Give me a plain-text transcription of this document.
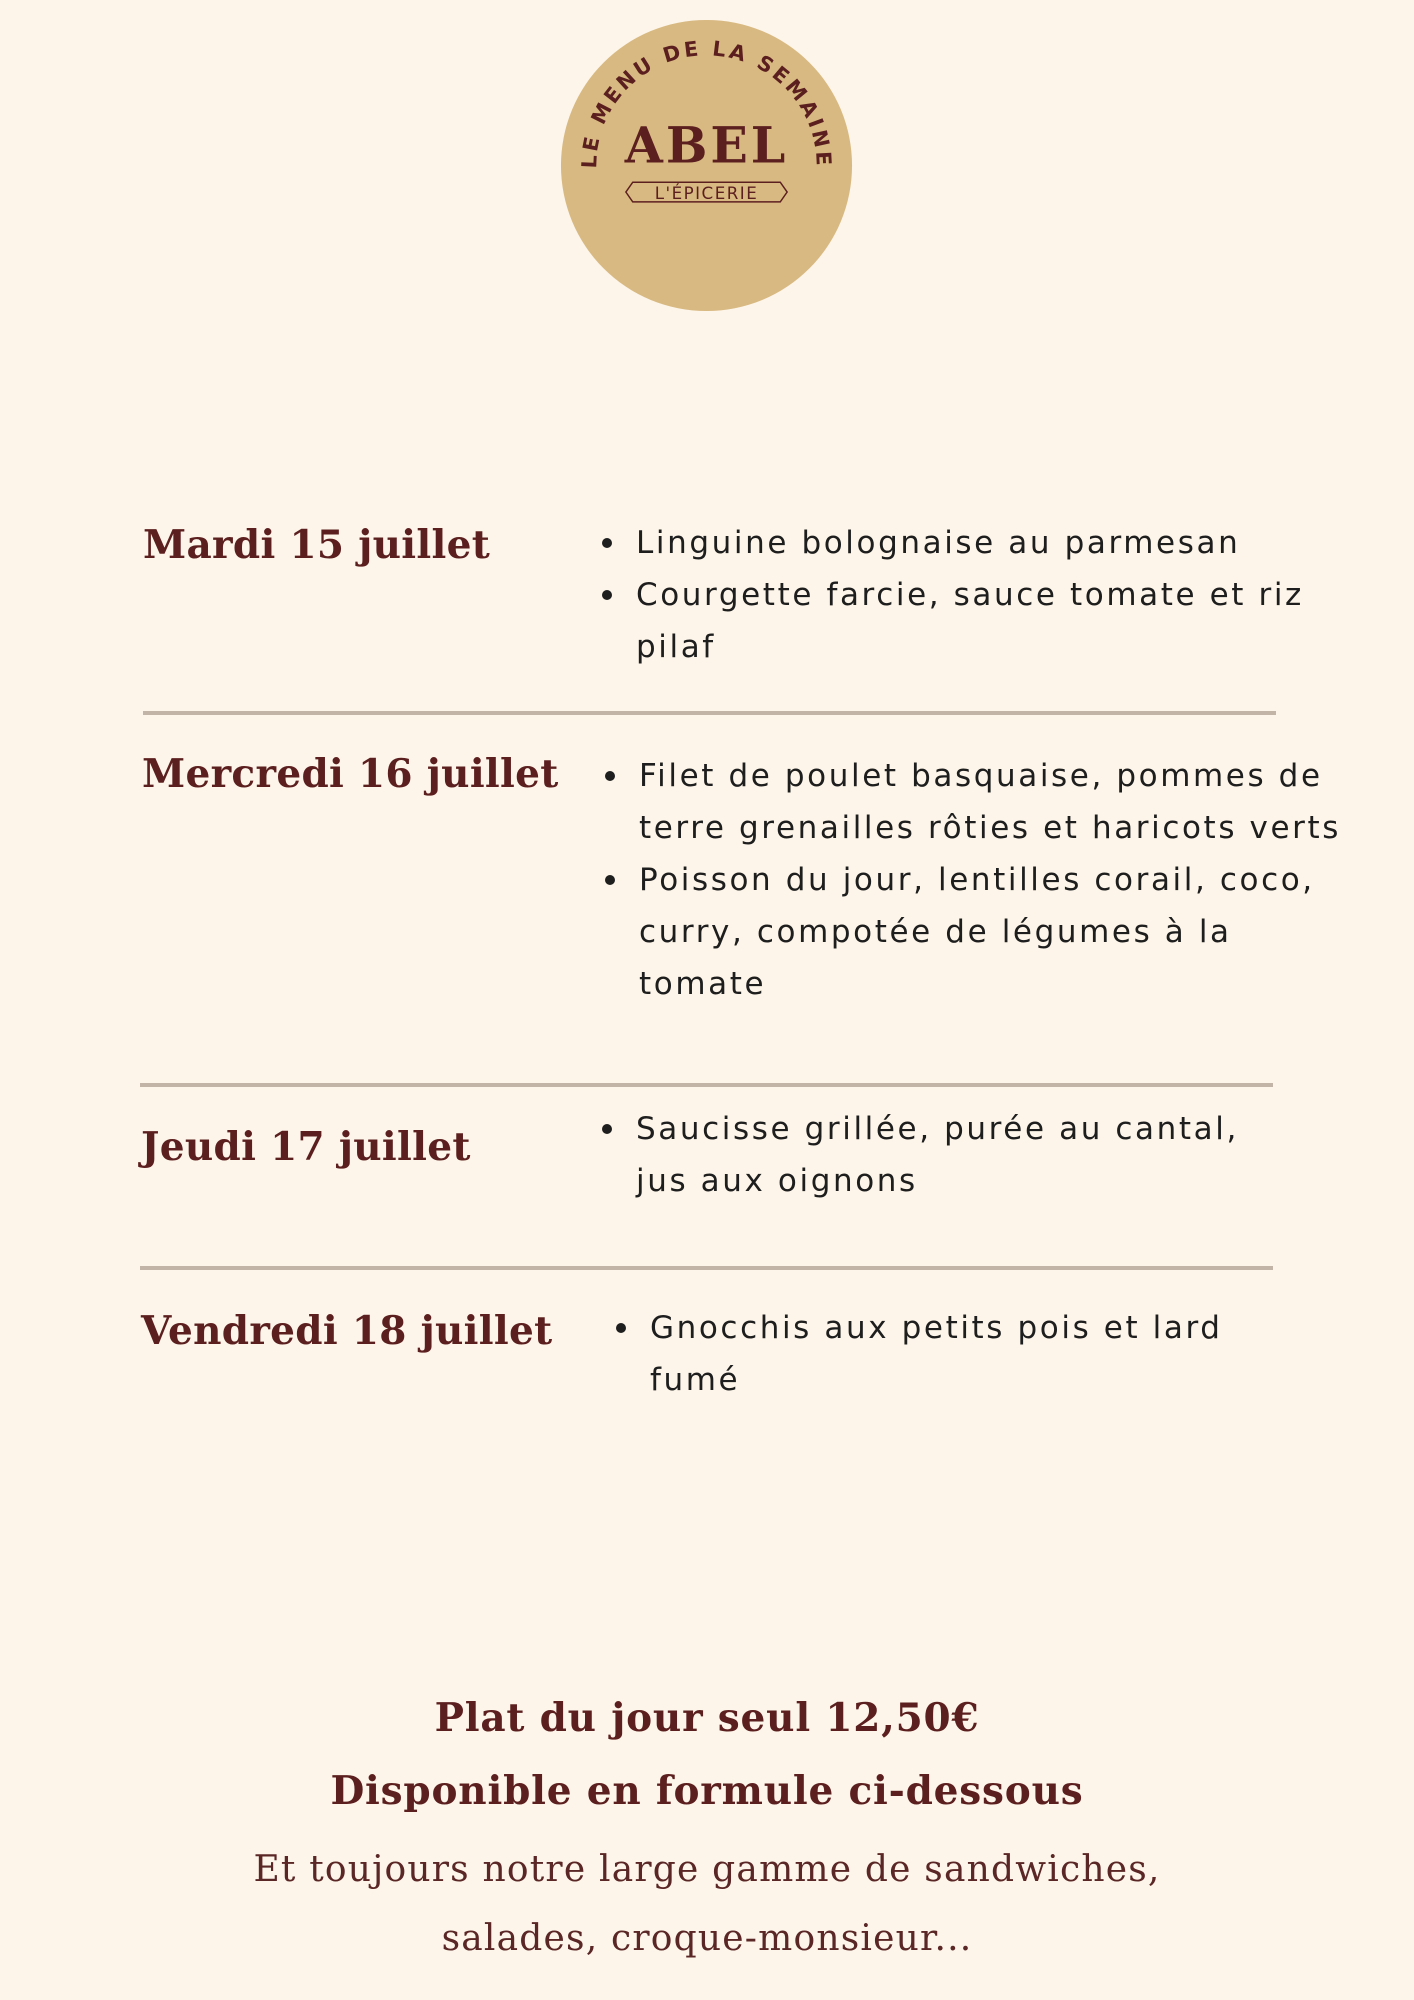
LE MENU DE LA SEMAINE
ABEL
L'ÉPICERIE
Mardi 15 juillet	Linguine bolognaise au parmesan
Courgette farcie, sauce tomate et riz pilaf
Mercredi 16 juillet	Filet de poulet basquaise, pommes de terre grenailles rôties et haricots verts
Poisson du jour, lentilles corail, coco, curry, compotée de légumes à la tomate
Jeudi 17 juillet	Saucisse grillée, purée au cantal, jus aux oignons
Vendredi 18 juillet	Gnocchis aux petits pois et lard fumé
Plat du jour seul 12,50€
Disponible en formule ci-dessous
Et toujours notre large gamme de sandwiches,
salades, croque-monsieur...
